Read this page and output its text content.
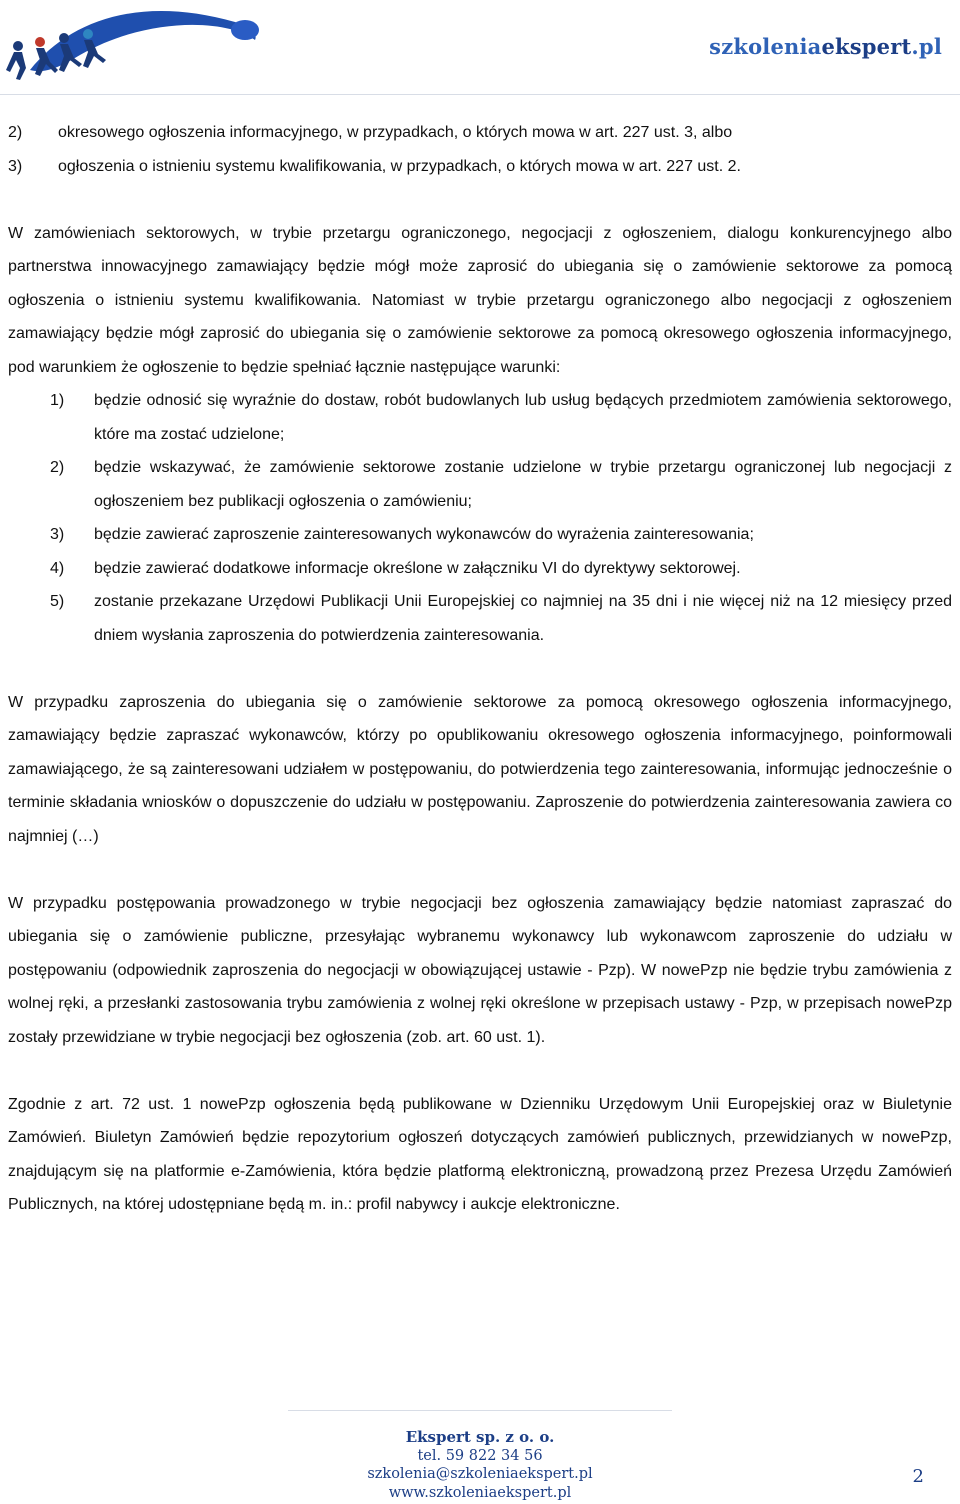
szkoleniaekspert.pl
2)	okresowego ogłoszenia informacyjnego, w przypadkach, o których mowa w art. 227 ust. 3, albo
3)	ogłoszenia o istnieniu systemu kwalifikowania, w przypadkach, o których mowa w art. 227 ust. 2.

W zamówieniach sektorowych, w trybie przetargu ograniczonego, negocjacji z ogłoszeniem, dialogu konkurencyjnego albo partnerstwa innowacyjnego zamawiający będzie mógł może zaprosić do ubiegania się o zamówienie sektorowe za pomocą ogłoszenia o istnieniu systemu kwalifikowania. Natomiast w trybie przetargu ograniczonego albo negocjacji z ogłoszeniem zamawiający będzie mógł zaprosić do ubiegania się o zamówienie sektorowe za pomocą okresowego ogłoszenia informacyjnego, pod warunkiem że ogłoszenie to będzie spełniać łącznie następujące warunki:

1)	będzie odnosić się wyraźnie do dostaw, robót budowlanych lub usług będących przedmiotem zamówienia sektorowego, które ma zostać udzielone;
2)	będzie wskazywać, że zamówienie sektorowe zostanie udzielone w trybie przetargu ograniczonej lub negocjacji z ogłoszeniem bez publikacji ogłoszenia o zamówieniu;
3)	będzie zawierać zaproszenie zainteresowanych wykonawców do wyrażenia zainteresowania;
4)	będzie zawierać dodatkowe informacje określone w załączniku VI do dyrektywy sektorowej.
5)	zostanie przekazane Urzędowi Publikacji Unii Europejskiej co najmniej na 35 dni i nie więcej niż na 12 miesięcy przed dniem wysłania zaproszenia do potwierdzenia zainteresowania.

W przypadku zaproszenia do ubiegania się o zamówienie sektorowe za pomocą okresowego ogłoszenia informacyjnego, zamawiający będzie zapraszać wykonawców, którzy po opublikowaniu okresowego ogłoszenia informacyjnego, poinformowali zamawiającego, że są zainteresowani udziałem w postępowaniu, do potwierdzenia tego zainteresowania, informując jednocześnie o terminie składania wniosków o dopuszczenie do udziału w postępowaniu. Zaproszenie do potwierdzenia zainteresowania zawiera co najmniej (…)

W przypadku postępowania prowadzonego w trybie negocjacji bez ogłoszenia zamawiający będzie natomiast zapraszać do ubiegania się o zamówienie publiczne, przesyłając wybranemu wykonawcy lub wykonawcom zaproszenie do udziału w postępowaniu (odpowiednik zaproszenia do negocjacji w obowiązującej ustawie - Pzp). W nowePzp nie będzie trybu zamówienia z wolnej ręki, a przesłanki zastosowania trybu zamówienia z wolnej ręki określone w przepisach ustawy - Pzp, w przepisach nowePzp zostały przewidziane w trybie negocjacji bez ogłoszenia (zob. art. 60 ust. 1).

Zgodnie z art. 72 ust. 1 nowePzp ogłoszenia będą publikowane w Dzienniku Urzędowym Unii Europejskiej oraz w Biuletynie Zamówień. Biuletyn Zamówień będzie repozytorium ogłoszeń dotyczących zamówień publicznych, przewidzianych w nowePzp, znajdującym się na platformie e-Zamówienia, która będzie platformą elektroniczną, prowadzoną przez Prezesa Urzędu Zamówień Publicznych, na której udostępniane będą m. in.: profil nabywcy i aukcje elektroniczne.

Ekspert sp. z o. o.
tel. 59 822 34 56
szkolenia@szkoleniaekspert.pl
www.szkoleniaekspert.pl
2
